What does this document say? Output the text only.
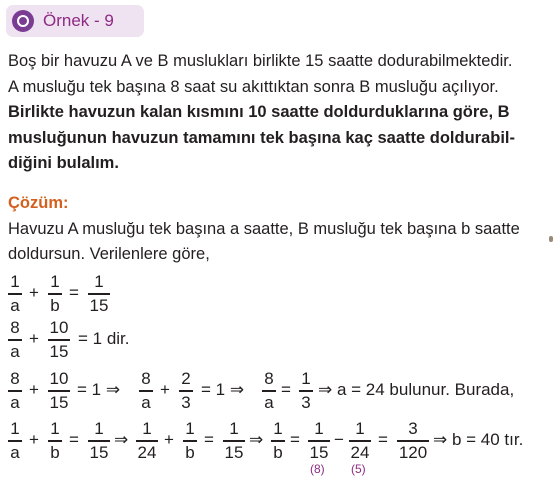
Örnek - 9
Boş bir havuzu A ve B muslukları birlikte 15 saatte dodurabilmektedir.
A musluğu tek başına 8 saat su akıttıktan sonra B musluğu açılıyor.
Birlikte havuzun kalan kısmını 10 saatte doldurduklarına göre, B
musluğunun havuzun tamamını tek başına kaç saatte doldurabil-
diğini bulalım.
Çözüm:
Havuzu A musluğu tek başına a saatte, B musluğu tek başına b saatte
doldursun. Verilenlere göre,
1
a
+
1
b
=
1
15
8
a
+
10
15
= 1 dir.
8
a
+
10
15
= 1 ⇒
8
a
+
2
3
= 1 ⇒
8
a
=
1
3
⇒ a = 24 bulunur. Burada,
1
a
+
1
b
=
1
15
⇒
1
24
+
1
b
=
1
15
⇒
1
b
=
1
15
−
1
24
=
3
120
⇒ b = 40 tır.
(8) (5)
